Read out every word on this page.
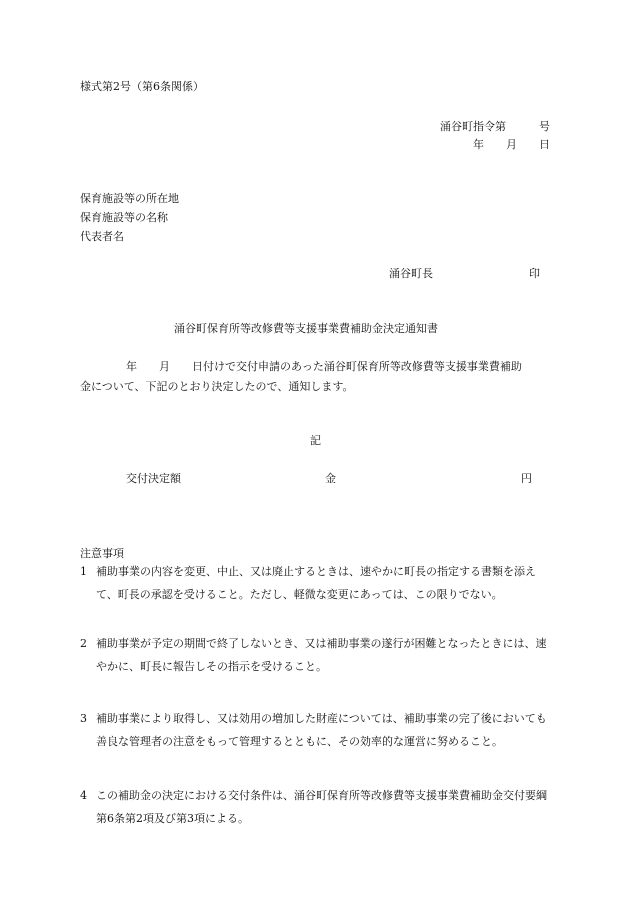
様式第2号（第6条関係）
涌谷町指令第　　　号
年　　月　　日
保育施設等の所在地
保育施設等の名称
代表者名
涌谷町長	印
涌谷町保育所等改修費等支援事業費補助金決定通知書
年　　月　　日付けで交付申請のあった涌谷町保育所等改修費等支援事業費補助
金について、下記のとおり決定したので、通知します。
記
交付決定額	金	円
注意事項
1 補助事業の内容を変更、中止、又は廃止するときは、速やかに町長の指定する書類を添えて、町長の承認を受けること。ただし、軽微な変更にあっては、この限りでない。
2 補助事業が予定の期間で終了しないとき、又は補助事業の遂行が困難となったときには、速やかに、町長に報告しその指示を受けること。
3 補助事業により取得し、又は効用の増加した財産については、補助事業の完了後においても善良な管理者の注意をもって管理するとともに、その効率的な運営に努めること。
4 この補助金の決定における交付条件は、涌谷町保育所等改修費等支援事業費補助金交付要綱第6条第2項及び第3項による。
